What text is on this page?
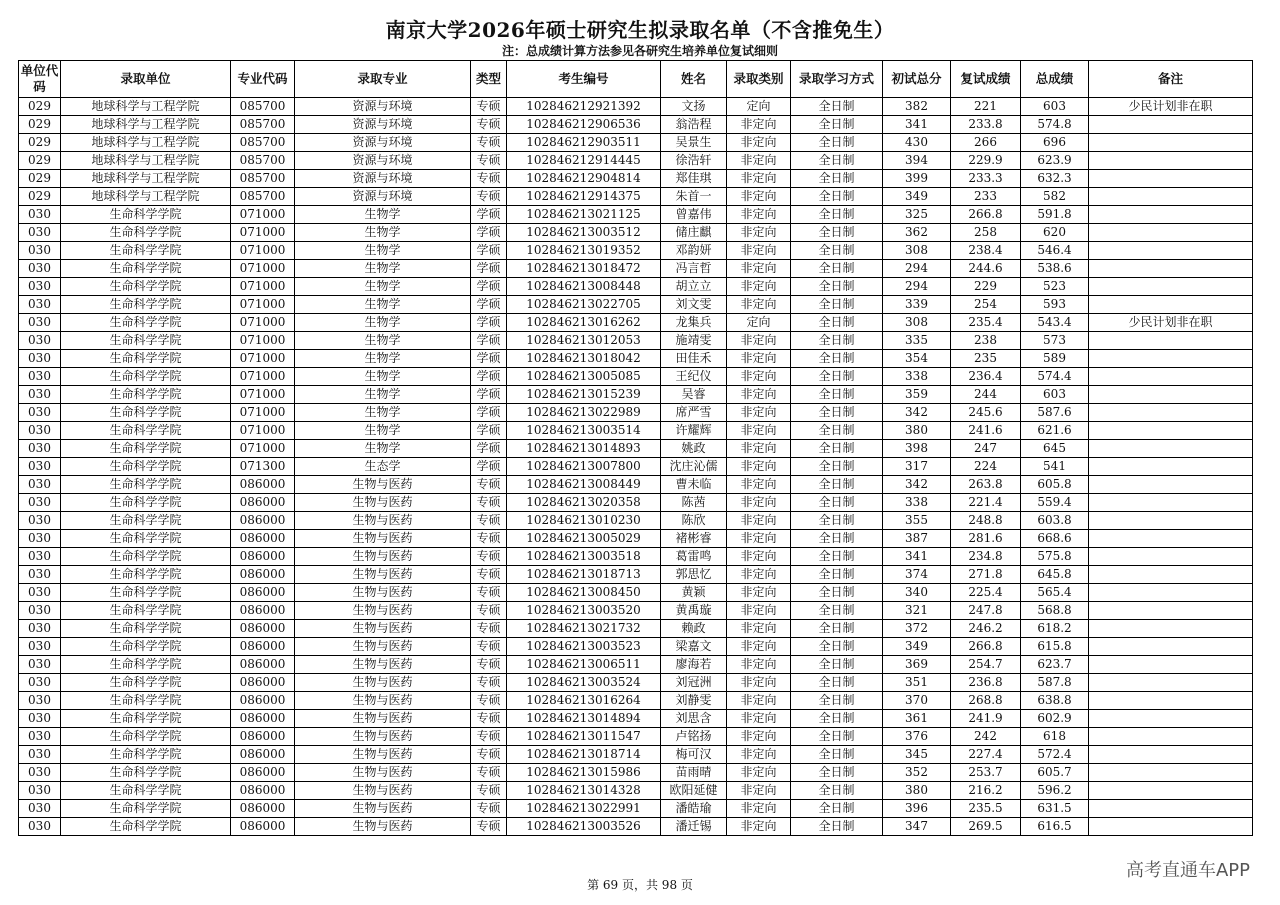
南京大学2026年硕士研究生拟录取名单（不含推免生）
注：总成绩计算方法参见各研究生培养单位复试细则
单位代码	录取单位	专业代码	录取专业	类型	考生编号	姓名	录取类别	录取学习方式	初试总分	复试成绩	总成绩	备注
029	地球科学与工程学院	085700	资源与环境	专硕	102846212921392	文扬	定向	全日制	382	221	603	少民计划非在职
029	地球科学与工程学院	085700	资源与环境	专硕	102846212906536	翁浩程	非定向	全日制	341	233.8	574.8	
029	地球科学与工程学院	085700	资源与环境	专硕	102846212903511	吴景生	非定向	全日制	430	266	696	
029	地球科学与工程学院	085700	资源与环境	专硕	102846212914445	徐浩轩	非定向	全日制	394	229.9	623.9	
029	地球科学与工程学院	085700	资源与环境	专硕	102846212904814	郑佳琪	非定向	全日制	399	233.3	632.3	
029	地球科学与工程学院	085700	资源与环境	专硕	102846212914375	朱首一	非定向	全日制	349	233	582	
030	生命科学学院	071000	生物学	学硕	102846213021125	曾嘉伟	非定向	全日制	325	266.8	591.8	
030	生命科学学院	071000	生物学	学硕	102846213003512	储庄麒	非定向	全日制	362	258	620	
030	生命科学学院	071000	生物学	学硕	102846213019352	邓韵妍	非定向	全日制	308	238.4	546.4	
030	生命科学学院	071000	生物学	学硕	102846213018472	冯言哲	非定向	全日制	294	244.6	538.6	
030	生命科学学院	071000	生物学	学硕	102846213008448	胡立立	非定向	全日制	294	229	523	
030	生命科学学院	071000	生物学	学硕	102846213022705	刘文雯	非定向	全日制	339	254	593	
030	生命科学学院	071000	生物学	学硕	102846213016262	龙集兵	定向	全日制	308	235.4	543.4	少民计划非在职
030	生命科学学院	071000	生物学	学硕	102846213012053	施靖雯	非定向	全日制	335	238	573	
030	生命科学学院	071000	生物学	学硕	102846213018042	田佳禾	非定向	全日制	354	235	589	
030	生命科学学院	071000	生物学	学硕	102846213005085	王纪仪	非定向	全日制	338	236.4	574.4	
030	生命科学学院	071000	生物学	学硕	102846213015239	吴睿	非定向	全日制	359	244	603	
030	生命科学学院	071000	生物学	学硕	102846213022989	席严雪	非定向	全日制	342	245.6	587.6	
030	生命科学学院	071000	生物学	学硕	102846213003514	许耀辉	非定向	全日制	380	241.6	621.6	
030	生命科学学院	071000	生物学	学硕	102846213014893	姚政	非定向	全日制	398	247	645	
030	生命科学学院	071300	生态学	学硕	102846213007800	沈庄沁儒	非定向	全日制	317	224	541	
030	生命科学学院	086000	生物与医药	专硕	102846213008449	曹未临	非定向	全日制	342	263.8	605.8	
030	生命科学学院	086000	生物与医药	专硕	102846213020358	陈茜	非定向	全日制	338	221.4	559.4	
030	生命科学学院	086000	生物与医药	专硕	102846213010230	陈欣	非定向	全日制	355	248.8	603.8	
030	生命科学学院	086000	生物与医药	专硕	102846213005029	褚彬睿	非定向	全日制	387	281.6	668.6	
030	生命科学学院	086000	生物与医药	专硕	102846213003518	葛雷鸣	非定向	全日制	341	234.8	575.8	
030	生命科学学院	086000	生物与医药	专硕	102846213018713	郭思忆	非定向	全日制	374	271.8	645.8	
030	生命科学学院	086000	生物与医药	专硕	102846213008450	黄颖	非定向	全日制	340	225.4	565.4	
030	生命科学学院	086000	生物与医药	专硕	102846213003520	黄禹璇	非定向	全日制	321	247.8	568.8	
030	生命科学学院	086000	生物与医药	专硕	102846213021732	赖政	非定向	全日制	372	246.2	618.2	
030	生命科学学院	086000	生物与医药	专硕	102846213003523	梁嘉文	非定向	全日制	349	266.8	615.8	
030	生命科学学院	086000	生物与医药	专硕	102846213006511	廖海若	非定向	全日制	369	254.7	623.7	
030	生命科学学院	086000	生物与医药	专硕	102846213003524	刘冠洲	非定向	全日制	351	236.8	587.8	
030	生命科学学院	086000	生物与医药	专硕	102846213016264	刘静雯	非定向	全日制	370	268.8	638.8	
030	生命科学学院	086000	生物与医药	专硕	102846213014894	刘思含	非定向	全日制	361	241.9	602.9	
030	生命科学学院	086000	生物与医药	专硕	102846213011547	卢铭扬	非定向	全日制	376	242	618	
030	生命科学学院	086000	生物与医药	专硕	102846213018714	梅可汉	非定向	全日制	345	227.4	572.4	
030	生命科学学院	086000	生物与医药	专硕	102846213015986	苗雨晴	非定向	全日制	352	253.7	605.7	
030	生命科学学院	086000	生物与医药	专硕	102846213014328	欧阳延健	非定向	全日制	380	216.2	596.2	
030	生命科学学院	086000	生物与医药	专硕	102846213022991	潘皓瑜	非定向	全日制	396	235.5	631.5	
030	生命科学学院	086000	生物与医药	专硕	102846213003526	潘迁锡	非定向	全日制	347	269.5	616.5	
高考直通车APP
第 69 页，共 98 页
